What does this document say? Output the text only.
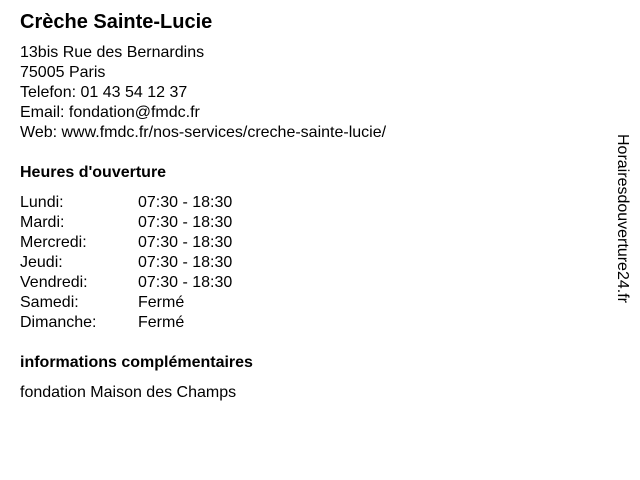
Crèche Sainte-Lucie
13bis Rue des Bernardins
75005 Paris
Telefon: 01 43 54 12 37
Email: fondation@fmdc.fr
Web: www.fmdc.fr/nos-services/creche-sainte-lucie/
Heures d'ouverture
Lundi:	07:30 - 18:30
Mardi:	07:30 - 18:30
Mercredi:	07:30 - 18:30
Jeudi:	07:30 - 18:30
Vendredi:	07:30 - 18:30
Samedi:	Fermé
Dimanche:	Fermé
informations complémentaires
fondation Maison des Champs
Horairesdouverture24.fr
